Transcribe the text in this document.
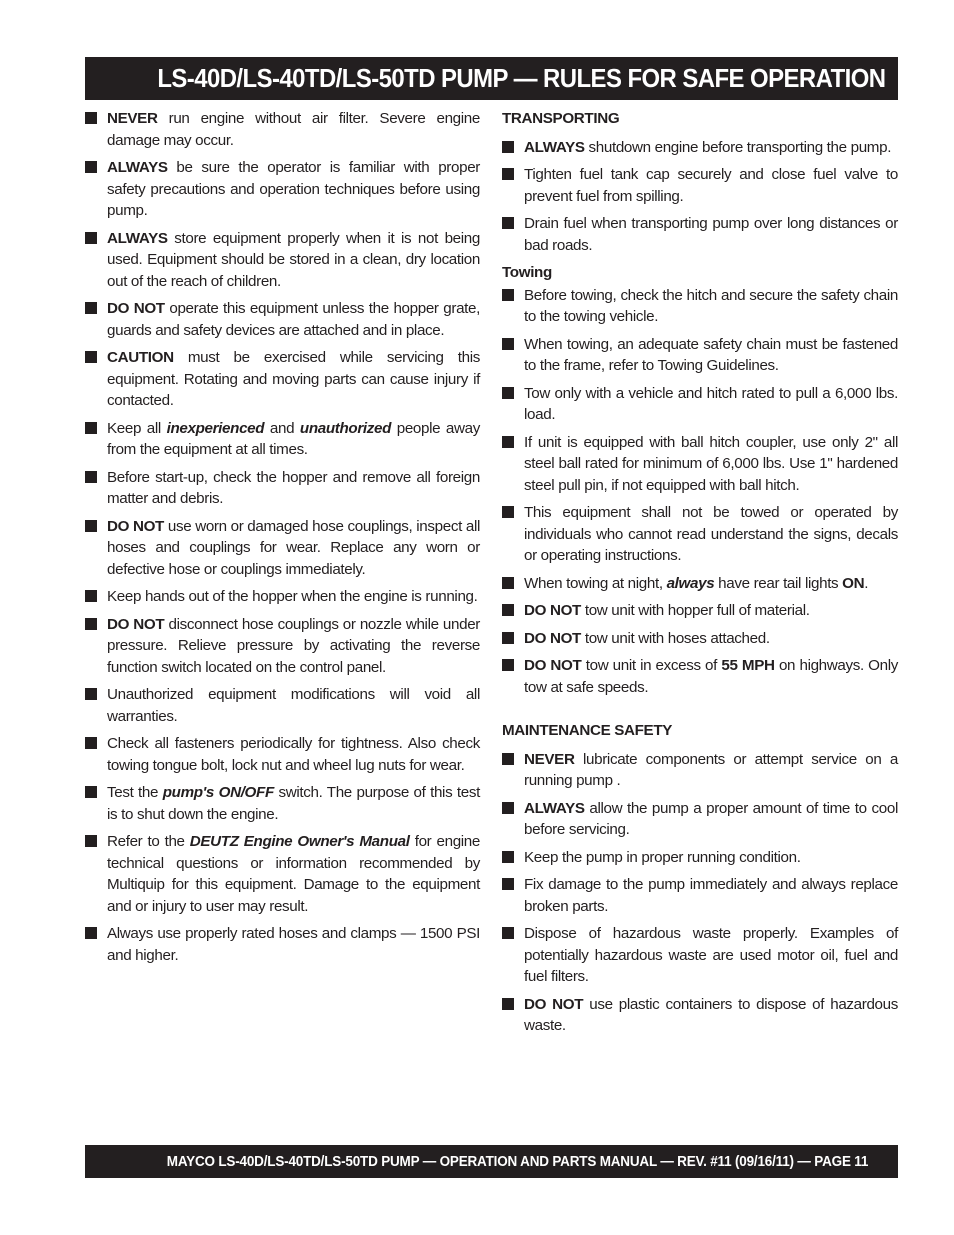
LS-40D/LS-40TD/LS-50TD PUMP — RULES FOR SAFE OPERATION
NEVER run engine without air filter. Severe engine damage may occur.
ALWAYS be sure the operator is familiar with proper safety precautions and operation techniques before using pump.
ALWAYS store equipment properly when it is not being used. Equipment should be stored in a clean, dry location out of the reach of children.
DO NOT operate this equipment unless the hopper grate, guards and safety devices are attached and in place.
CAUTION must be exercised while servicing this equipment. Rotating and moving parts can cause injury if contacted.
Keep all inexperienced and unauthorized people away from the equipment at all times.
Before start-up, check the hopper and remove all foreign matter and debris.
DO NOT use worn or damaged hose couplings, inspect all hoses and couplings for wear. Replace any worn or defective hose or couplings immediately.
Keep hands out of the hopper when the engine is running.
DO NOT disconnect hose couplings or nozzle while under pressure. Relieve pressure by activating the reverse function switch located on the control panel.
Unauthorized equipment modifications will void all warranties.
Check all fasteners periodically for tightness. Also check towing tongue bolt, lock nut and wheel lug nuts for wear.
Test the pump's ON/OFF switch. The purpose of this test is to shut down the engine.
Refer to the DEUTZ Engine Owner's Manual for engine technical questions or information recommended by Multiquip for this equipment. Damage to the equipment and or injury to user may result.
Always use properly rated hoses and clamps — 1500 PSI and higher.
TRANSPORTING
ALWAYS shutdown engine before transporting the pump.
Tighten fuel tank cap securely and close fuel valve to prevent fuel from spilling.
Drain fuel when transporting pump over long distances or bad roads.
Towing
Before towing, check the hitch and secure the safety chain to the towing vehicle.
When towing, an adequate safety chain must be fastened to the frame, refer to Towing Guidelines.
Tow only with a vehicle and hitch rated to pull a 6,000 lbs. load.
If unit is equipped with ball hitch coupler, use only 2" all steel ball rated for minimum of 6,000 lbs. Use 1" hardened steel pull pin, if not equipped with ball hitch.
This equipment shall not be towed or operated by individuals who cannot read understand the signs, decals or operating instructions.
When towing at night, always have rear tail lights ON.
DO NOT tow unit with hopper full of material.
DO NOT tow unit with hoses attached.
DO NOT tow unit in excess of 55 MPH on highways. Only tow at safe speeds.
MAINTENANCE SAFETY
NEVER lubricate components or attempt service on a running pump .
ALWAYS allow the pump a proper amount of time to cool before servicing.
Keep the pump in proper running condition.
Fix damage to the pump immediately and always replace broken parts.
Dispose of hazardous waste properly. Examples of potentially hazardous waste are used motor oil, fuel and fuel filters.
DO NOT use plastic containers to dispose of hazardous waste.
MAYCO LS-40D/LS-40TD/LS-50TD PUMP — OPERATION AND PARTS MANUAL — REV. #11 (09/16/11) — PAGE 11
